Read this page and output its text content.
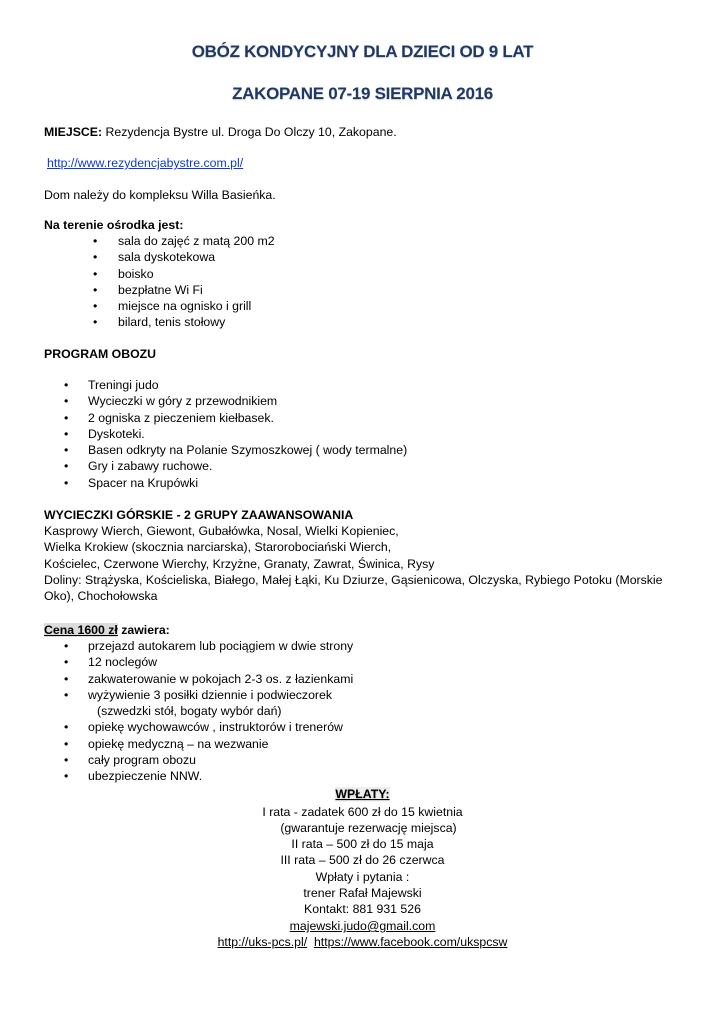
OBÓZ KONDYCYJNY DLA DZIECI OD 9 LAT
ZAKOPANE 07-19 SIERPNIA 2016
MIEJSCE: Rezydencja Bystre ul. Droga Do Olczy 10, Zakopane.
http://www.rezydencjabystre.com.pl/
Dom należy do kompleksu Willa Basieńka.
Na terenie ośrodka jest:
• sala do zajęć z matą 200 m2
• sala dyskotekowa
• boisko
• bezpłatne Wi Fi
• miejsce na ognisko i grill
• bilard, tenis stołowy
PROGRAM OBOZU
• Treningi judo
• Wycieczki w góry z przewodnikiem
• 2 ogniska z pieczeniem kiełbasek.
• Dyskoteki.
• Basen odkryty na Polanie Szymoszkowej ( wody termalne)
• Gry i zabawy ruchowe.
• Spacer na Krupówki
WYCIECZKI GÓRSKIE - 2 GRUPY ZAAWANSOWANIA
Kasprowy Wierch, Giewont, Gubałówka, Nosal, Wielki Kopieniec,
Wielka Krokiew (skocznia narciarska), Starorobociański Wierch,
Kościelec, Czerwone Wierchy, Krzyżne, Granaty, Zawrat, Świnica, Rysy
Doliny: Strążyska, Kościeliska, Białego, Małej Łąki, Ku Dziurze, Gąsienicowa, Olczyska, Rybiego Potoku (Morskie
Oko), Chochołowska
Cena 1600 zł zawiera:
• przejazd autokarem lub pociągiem w dwie strony
• 12 noclegów
• zakwaterowanie w pokojach 2-3 os. z łazienkami
• wyżywienie 3 posiłki dziennie i podwieczorek
(szwedzki stół, bogaty wybór dań)
• opiekę wychowawców , instruktorów i trenerów
• opiekę medyczną – na wezwanie
• cały program obozu
• ubezpieczenie NNW.
WPŁATY:
I rata - zadatek 600 zł do 15 kwietnia
(gwarantuje rezerwację miejsca)
II rata – 500 zł do 15 maja
III rata – 500 zł do 26 czerwca
Wpłaty i pytania :
trener Rafał Majewski
Kontakt: 881 931 526
majewski.judo@gmail.com
http://uks-pcs.pl/ https://www.facebook.com/ukspcsw
